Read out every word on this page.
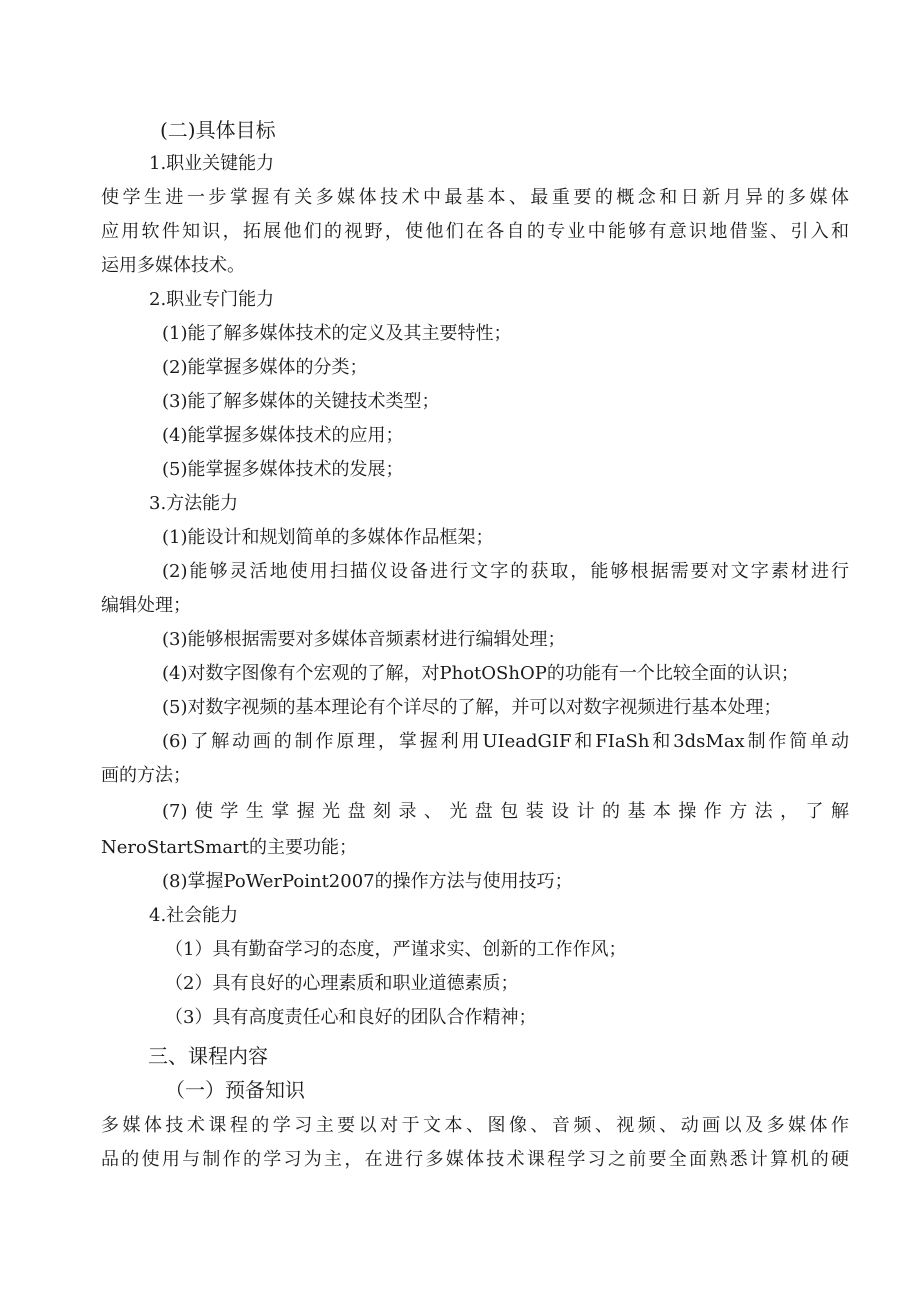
(二)具体目标
1.职业关键能力
使学生进一步掌握有关多媒体技术中最基本、最重要的概念和日新月异的多媒体
应用软件知识，拓展他们的视野，使他们在各自的专业中能够有意识地借鉴、引入和
运用多媒体技术。
2.职业专门能力
(1)能了解多媒体技术的定义及其主要特性；
(2)能掌握多媒体的分类；
(3)能了解多媒体的关键技术类型；
(4)能掌握多媒体技术的应用；
(5)能掌握多媒体技术的发展；
3.方法能力
(1)能设计和规划简单的多媒体作品框架；
(2)能够灵活地使用扫描仪设备进行文字的获取，能够根据需要对文字素材进行
编辑处理；
(3)能够根据需要对多媒体音频素材进行编辑处理；
(4)对数字图像有个宏观的了解，对PhotOShOP的功能有一个比较全面的认识；
(5)对数字视频的基本理论有个详尽的了解，并可以对数字视频进行基本处理；
(6)了解动画的制作原理，掌握利用UIeadGIF和FIaSh和3dsMax制作简单动
画的方法；
(7)使学生掌握光盘刻录、光盘包装设计的基本操作方法，了解
NeroStartSmart的主要功能；
(8)掌握PoWerPoint2007的操作方法与使用技巧；
4.社会能力
（1）具有勤奋学习的态度，严谨求实、创新的工作作风；
（2）具有良好的心理素质和职业道德素质；
（3）具有高度责任心和良好的团队合作精神；
三、课程内容
（一）预备知识
多媒体技术课程的学习主要以对于文本、图像、音频、视频、动画以及多媒体作
品的使用与制作的学习为主，在进行多媒体技术课程学习之前要全面熟悉计算机的硬
